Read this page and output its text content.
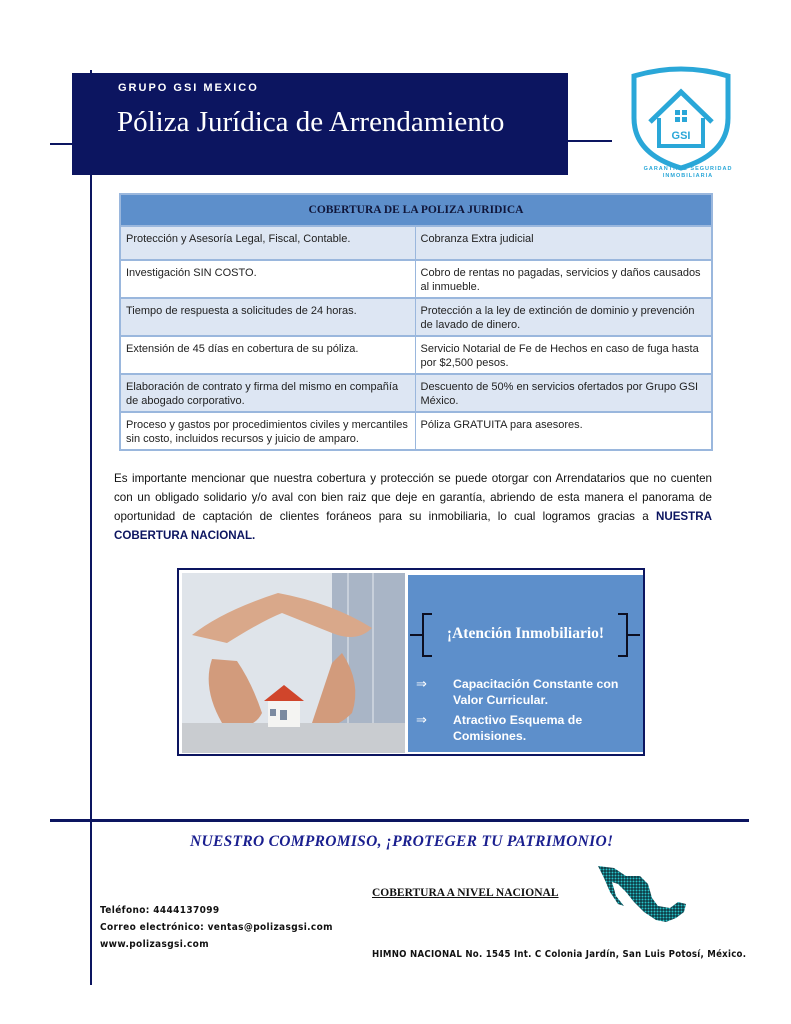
GRUPO GSI MEXICO
Póliza Jurídica de Arrendamiento	GSI
GARANTÍA & SEGURIDAD INMOBILIARIA
COBERTURA DE LA POLIZA JURIDICA	
Protección y Asesoría Legal, Fiscal, Contable.	Cobranza Extra judicial
Investigación SIN COSTO.	Cobro de rentas no pagadas, servicios y daños causados al inmueble.
Tiempo de respuesta a solicitudes de 24 horas.	Protección a la ley de extinción de dominio y prevención de lavado de dinero.
Extensión de 45 días en cobertura de su póliza.	Servicio Notarial de Fe de Hechos en caso de fuga hasta por $2,500 pesos.
Elaboración de contrato y firma del mismo en compañía de abogado corporativo.	Descuento de 50% en servicios ofertados por Grupo GSI México.
Proceso y gastos por procedimientos civiles y mercantiles sin costo, incluidos recursos y juicio de amparo.	Póliza GRATUITA para asesores.

Es importante mencionar que nuestra cobertura y protección se puede otorgar con Arrendatarios que no cuenten con un obligado solidario y/o aval con bien raiz que deje en garantía, abriendo de esta manera el panorama de oportunidad de captación de clientes foráneos para su inmobiliaria, lo cual logramos gracias a NUESTRA COBERTURA NACIONAL.

¡Atención Inmobiliario!
⇒ Capacitación Constante con Valor Curricular.
⇒ Atractivo Esquema de Comisiones.
NUESTRO COMPROMISO, ¡PROTEGER TU PATRIMONIO!
COBERTURA A NIVEL NACIONAL
Teléfono: 4444137099
Correo electrónico: ventas@polizasgsi.com
www.polizasgsi.com
HIMNO NACIONAL No. 1545 Int. C Colonia Jardín, San Luis Potosí, México.
